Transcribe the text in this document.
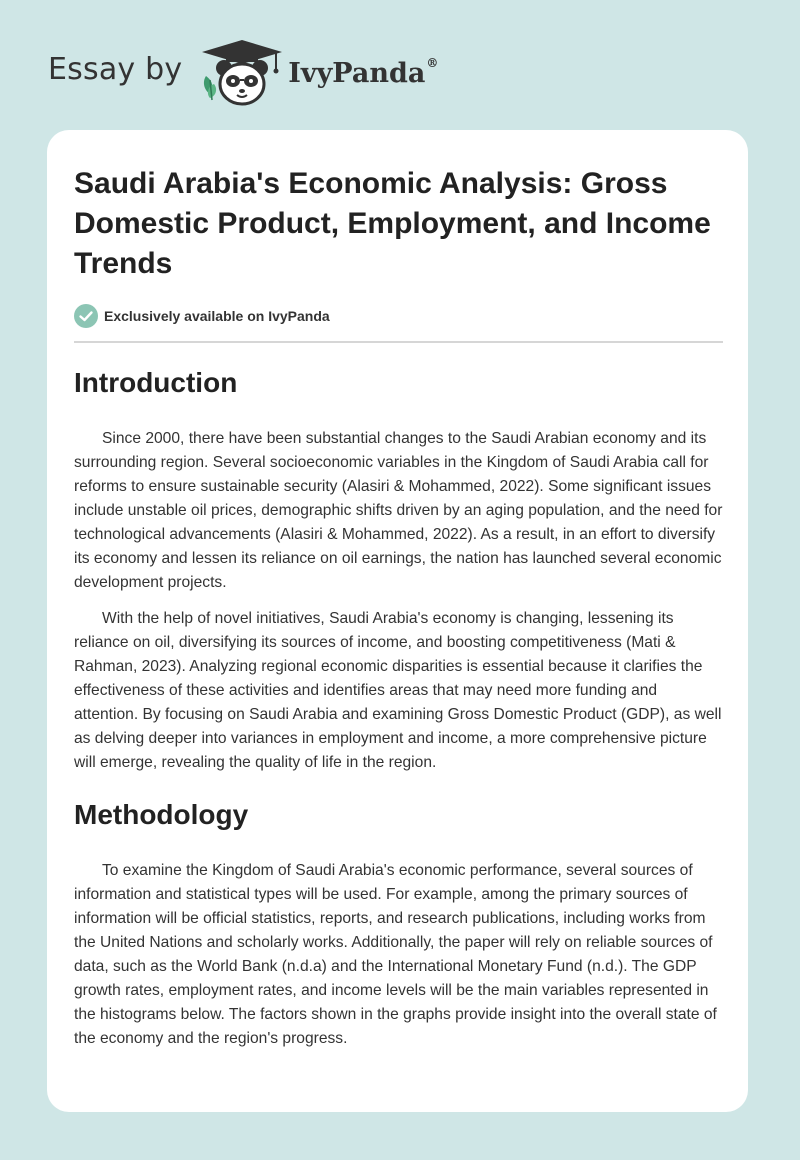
Essay by	IvyPanda®
Saudi Arabia's Economic Analysis: Gross Domestic Product, Employment, and Income Trends
Exclusively available on IvyPanda
Introduction

Since 2000, there have been substantial changes to the Saudi Arabian economy and its surrounding region. Several socioeconomic variables in the Kingdom of Saudi Arabia call for reforms to ensure sustainable security (Alasiri & Mohammed, 2022). Some significant issues include unstable oil prices, demographic shifts driven by an aging population, and the need for technological advancements (Alasiri & Mohammed, 2022). As a result, in an effort to diversify its economy and lessen its reliance on oil earnings, the nation has launched several economic development projects.

With the help of novel initiatives, Saudi Arabia's economy is changing, lessening its reliance on oil, diversifying its sources of income, and boosting competitiveness (Mati & Rahman, 2023). Analyzing regional economic disparities is essential because it clarifies the effectiveness of these activities and identifies areas that may need more funding and attention. By focusing on Saudi Arabia and examining Gross Domestic Product (GDP), as well as delving deeper into variances in employment and income, a more comprehensive picture will emerge, revealing the quality of life in the region.

Methodology

To examine the Kingdom of Saudi Arabia's economic performance, several sources of information and statistical types will be used. For example, among the primary sources of information will be official statistics, reports, and research publications, including works from the United Nations and scholarly works. Additionally, the paper will rely on reliable sources of data, such as the World Bank (n.d.a) and the International Monetary Fund (n.d.). The GDP growth rates, employment rates, and income levels will be the main variables represented in the histograms below. The factors shown in the graphs provide insight into the overall state of the economy and the region's progress.
